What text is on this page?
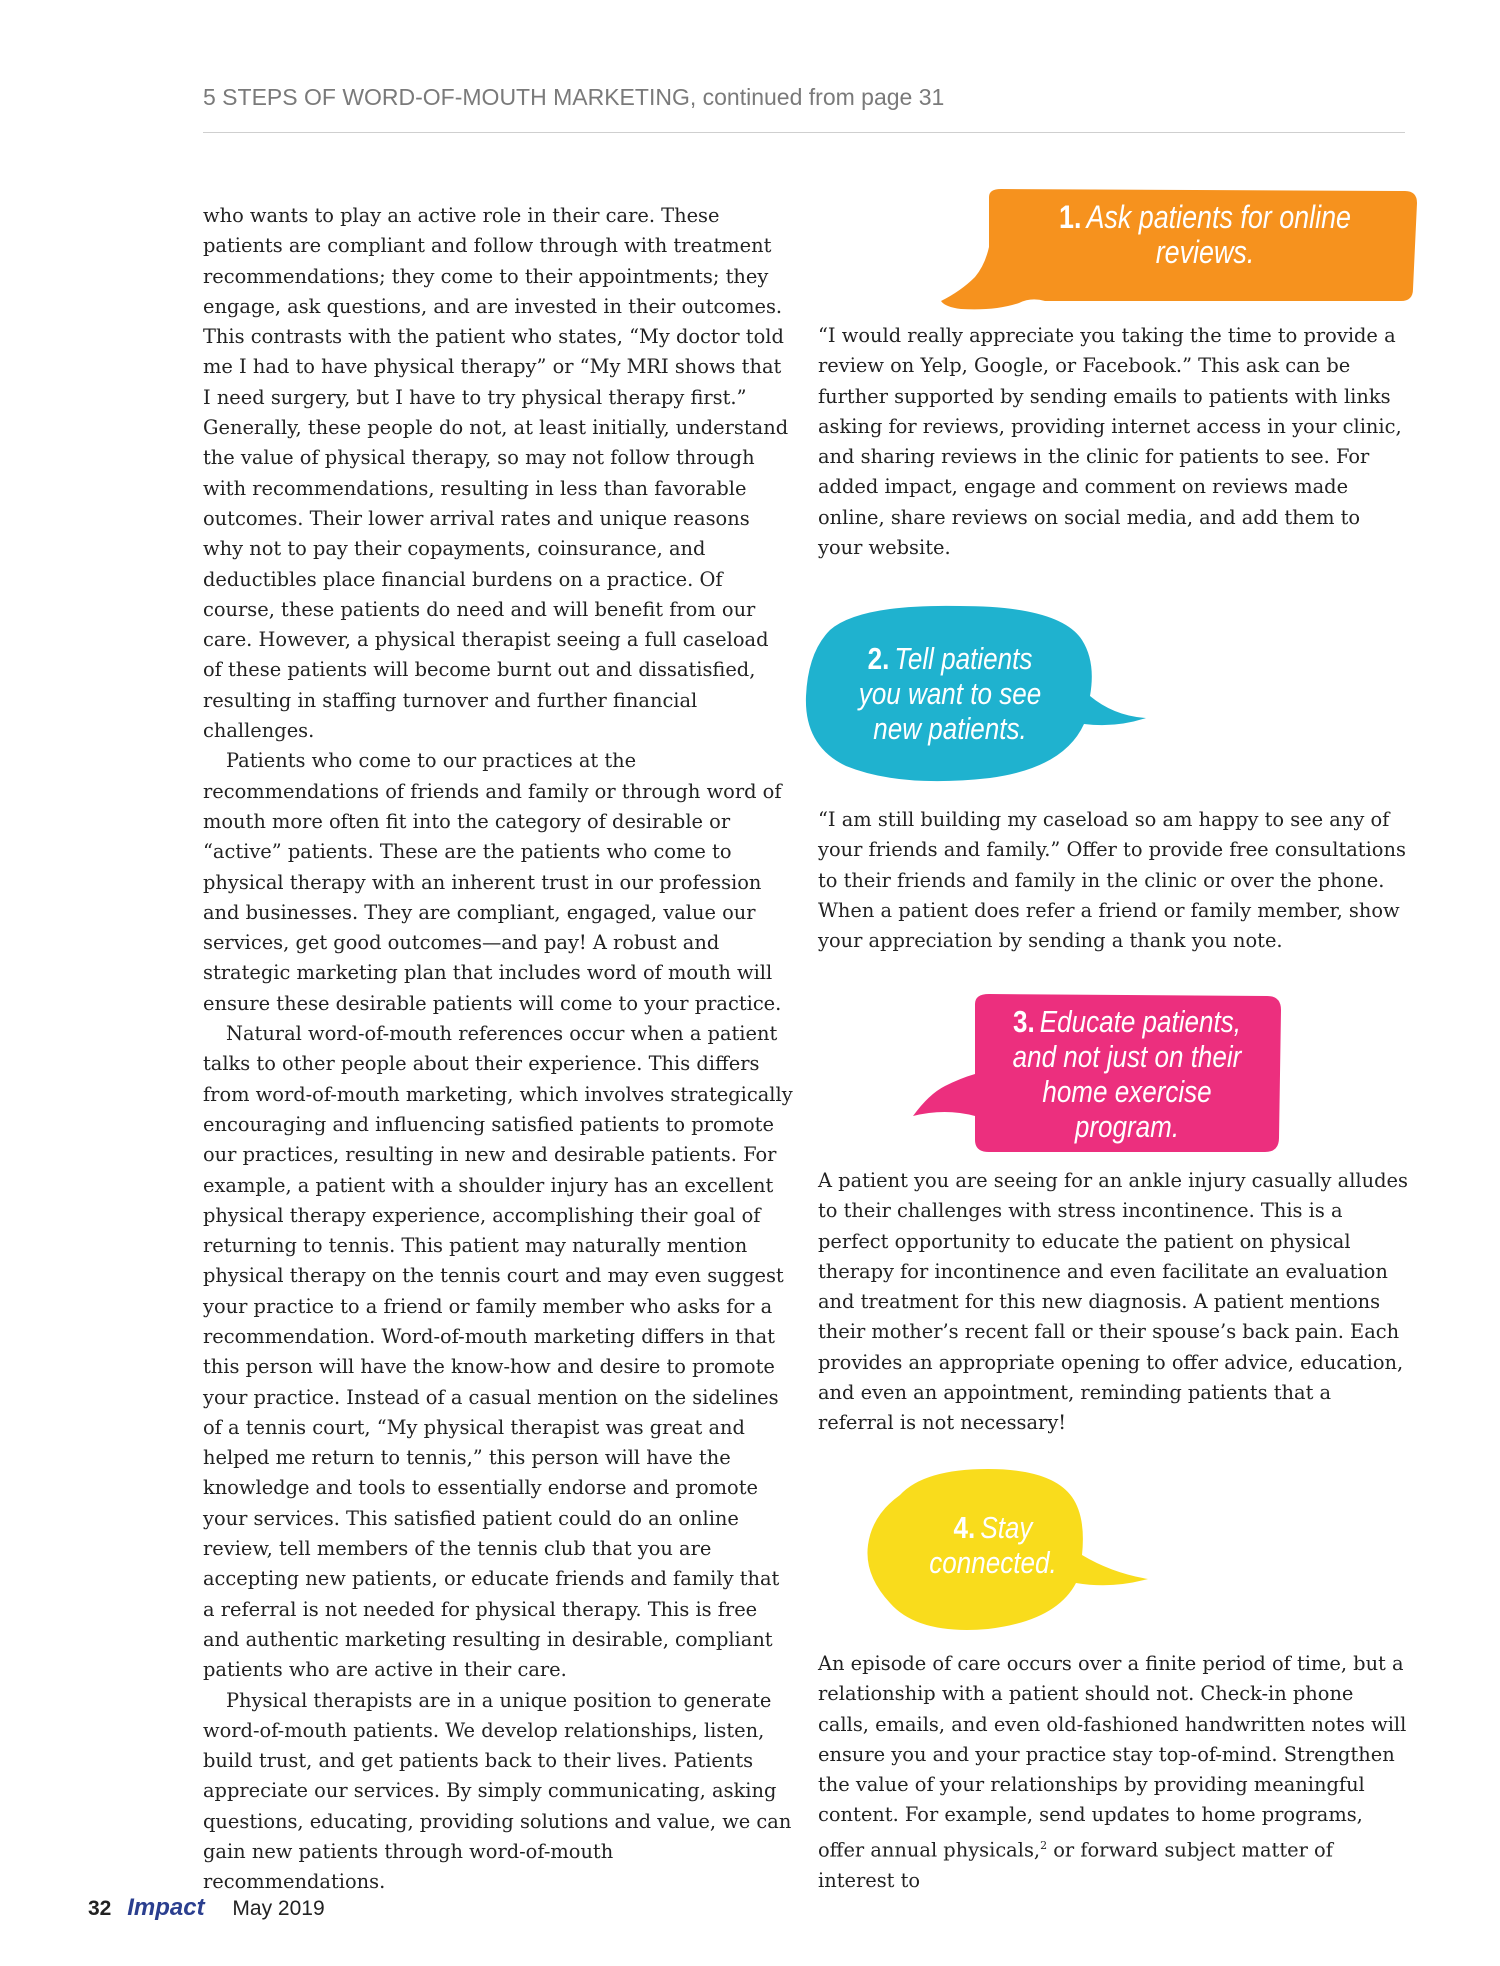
5 STEPS OF WORD-OF-MOUTH MARKETING, continued from page 31

who wants to play an active role in their care. These patients are compliant and follow through with treatment recommendations; they come to their appointments; they engage, ask questions, and are invested in their outcomes. This contrasts with the patient who states, “My doctor told me I had to have physical therapy” or “My MRI shows that I need surgery, but I have to try physical therapy first.” Generally, these people do not, at least initially, understand the value of physical therapy, so may not follow through with recommendations, resulting in less than favorable outcomes. Their lower arrival rates and unique reasons why not to pay their copayments, coinsurance, and deductibles place financial burdens on a practice. Of course, these patients do need and will benefit from our care. However, a physical therapist seeing a full caseload of these patients will become burnt out and dissatisfied, resulting in staffing turnover and further financial challenges.

Patients who come to our practices at the recommendations of friends and family or through word of mouth more often fit into the category of desirable or “active” patients. These are the patients who come to physical therapy with an inherent trust in our profession and businesses. They are compliant, engaged, value our services, get good outcomes—and pay! A robust and strategic marketing plan that includes word of mouth will ensure these desirable patients will come to your practice.

Natural word-of-mouth references occur when a patient talks to other people about their experience. This differs from word-of-mouth marketing, which involves strategically encouraging and influencing satisfied patients to promote our practices, resulting in new and desirable patients. For example, a patient with a shoulder injury has an excellent physical therapy experience, accomplishing their goal of returning to tennis. This patient may naturally mention physical therapy on the tennis court and may even suggest your practice to a friend or family member who asks for a recommendation. Word-of-mouth marketing differs in that this person will have the know-how and desire to promote your practice. Instead of a casual mention on the sidelines of a tennis court, “My physical therapist was great and helped me return to tennis,” this person will have the knowledge and tools to essentially endorse and promote your services. This satisfied patient could do an online review, tell members of the tennis club that you are accepting new patients, or educate friends and family that a referral is not needed for physical therapy. This is free and authentic marketing resulting in desirable, compliant patients who are active in their care.

Physical therapists are in a unique position to generate word-of-mouth patients. We develop relationships, listen, build trust, and get patients back to their lives. Patients appreciate our services. By simply communicating, asking questions, educating, providing solutions and value, we can gain new patients through word-of-mouth recommendations.

1. Ask patients for online reviews.

“I would really appreciate you taking the time to provide a review on Yelp, Google, or Facebook.” This ask can be further supported by sending emails to patients with links asking for reviews, providing internet access in your clinic, and sharing reviews in the clinic for patients to see. For added impact, engage and comment on reviews made online, share reviews on social media, and add them to your website.

2. Tell patients you want to see new patients.

“I am still building my caseload so am happy to see any of your friends and family.” Offer to provide free consultations to their friends and family in the clinic or over the phone. When a patient does refer a friend or family member, show your appreciation by sending a thank you note.

3. Educate patients, and not just on their home exercise program.

A patient you are seeing for an ankle injury casually alludes to their challenges with stress incontinence. This is a perfect opportunity to educate the patient on physical therapy for incontinence and even facilitate an evaluation and treatment for this new diagnosis. A patient mentions their mother’s recent fall or their spouse’s back pain. Each provides an appropriate opening to offer advice, education, and even an appointment, reminding patients that a referral is not necessary!

4. Stay connected.

An episode of care occurs over a finite period of time, but a relationship with a patient should not. Check-in phone calls, emails, and even old-fashioned handwritten notes will ensure you and your practice stay top-of-mind. Strengthen the value of your relationships by providing meaningful content. For example, send updates to home programs, offer annual physicals,$^2$ or forward subject matter of interest to

32 Impact May 2019
